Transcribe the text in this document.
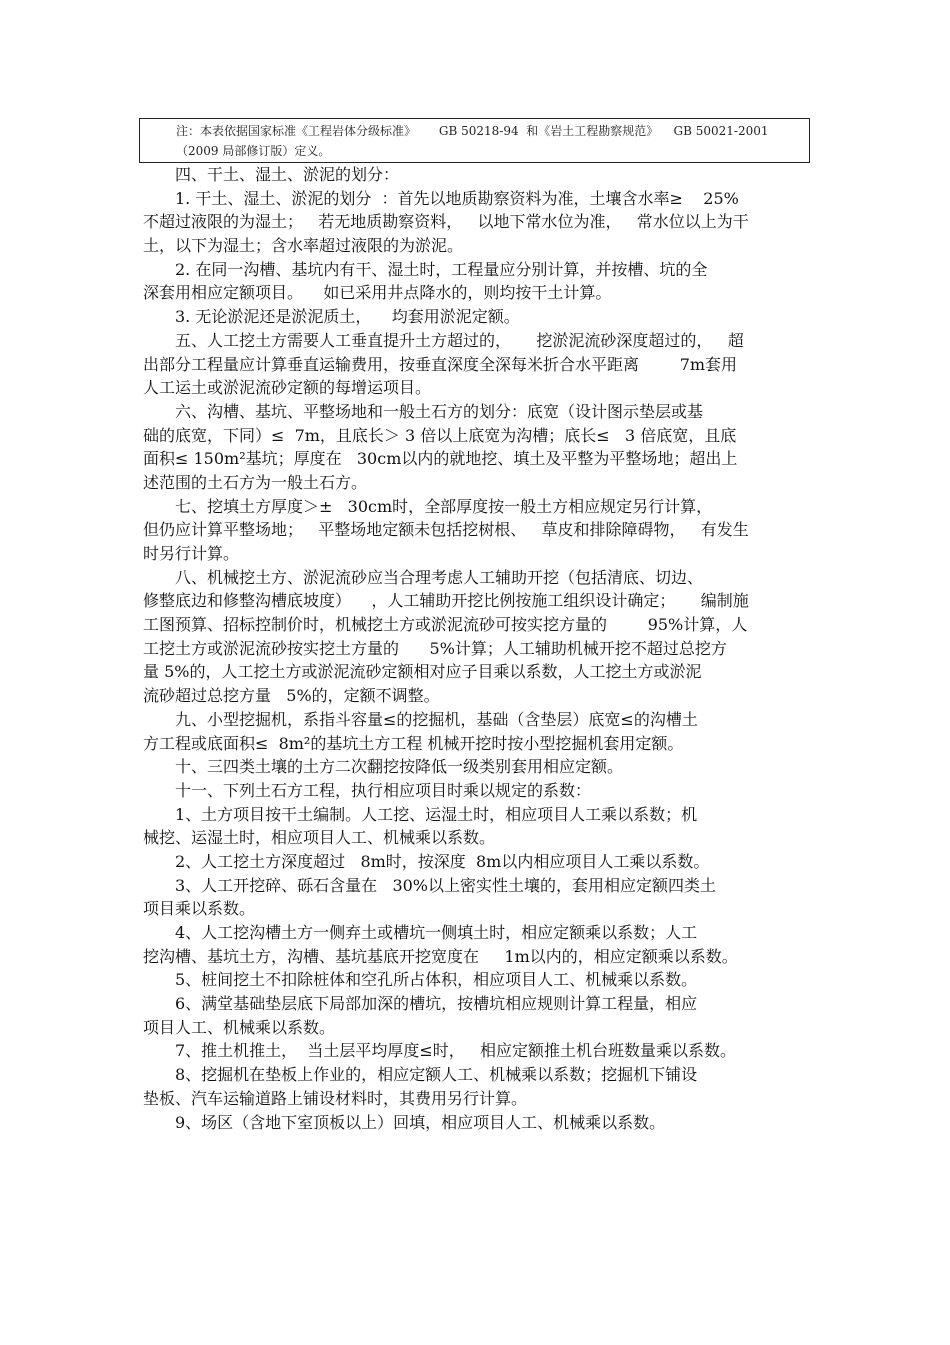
注：本表依据国家标准《工程岩体分级标准》      GB 50218-94  和《岩土工程勘察规范》    GB 50021-2001
（2009 局部修订版）定义。
四、干土、湿土、淤泥的划分：
1. 干土、湿土、淤泥的划分  ：首先以地质勘察资料为准，土壤含水率≥    25%
不超过液限的为湿土；   若无地质勘察资料，   以地下常水位为准，   常水位以上为干
土，以下为湿土；含水率超过液限的为淤泥。
2. 在同一沟槽、基坑内有干、湿土时，工程量应分别计算，并按槽、坑的全
深套用相应定额项目。    如已采用井点降水的，则均按干土计算。
3. 无论淤泥还是淤泥质土，    均套用淤泥定额。
五、人工挖土方需要人工垂直提升土方超过的，     挖淤泥流砂深度超过的，   超
出部分工程量应计算垂直运输费用，按垂直深度全深每米折合水平距离        7m套用
人工运土或淤泥流砂定额的每增运项目。
六、沟槽、基坑、平整场地和一般土石方的划分：底宽（设计图示垫层或基
础的底宽，下同）≤  7m，且底长＞ 3 倍以上底宽为沟槽；底长≤   3 倍底宽，且底
面积≤ 150m²基坑；厚度在   30cm以内的就地挖、填土及平整为平整场地；超出上
述范围的土石方为一般土石方。
七、挖填土方厚度＞±   30cm时，全部厚度按一般土方相应规定另行计算，
但仍应计算平整场地；   平整场地定额未包括挖树根、   草皮和排除障碍物，   有发生
时另行计算。
八、机械挖土方、淤泥流砂应当合理考虑人工辅助开挖（包括清底、切边、
修整底边和修整沟槽底坡度）    ，人工辅助开挖比例按施工组织设计确定；     编制施
工图预算、招标控制价时，机械挖土方或淤泥流砂可按实挖方量的        95%计算，人
工挖土方或淤泥流砂按实挖土方量的      5%计算；人工辅助机械开挖不超过总挖方
量 5%的，人工挖土方或淤泥流砂定额相对应子目乘以系数，人工挖土方或淤泥
流砂超过总挖方量   5%的，定额不调整。
九、小型挖掘机，系指斗容量≤的挖掘机，基础（含垫层）底宽≤的沟槽土
方工程或底面积≤  8m²的基坑土方工程 机械开挖时按小型挖掘机套用定额。
十、三四类土壤的土方二次翻挖按降低一级类别套用相应定额。
十一、下列土石方工程，执行相应项目时乘以规定的系数：
1、土方项目按干土编制。人工挖、运湿土时，相应项目人工乘以系数；机
械挖、运湿土时，相应项目人工、机械乘以系数。
2、人工挖土方深度超过   8m时，按深度  8m以内相应项目人工乘以系数。
3、人工开挖碎、砾石含量在   30%以上密实性土壤的，套用相应定额四类土
项目乘以系数。
4、人工挖沟槽土方一侧弃土或槽坑一侧填土时，相应定额乘以系数；人工
挖沟槽、基坑土方，沟槽、基坑基底开挖宽度在     1m以内的，相应定额乘以系数。
5、桩间挖土不扣除桩体和空孔所占体积，相应项目人工、机械乘以系数。
6、满堂基础垫层底下局部加深的槽坑，按槽坑相应规则计算工程量，相应
项目人工、机械乘以系数。
7、推土机推土，  当土层平均厚度≤时，   相应定额推土机台班数量乘以系数。
8、挖掘机在垫板上作业的，相应定额人工、机械乘以系数；挖掘机下铺设
垫板、汽车运输道路上铺设材料时，其费用另行计算。
9、场区（含地下室顶板以上）回填，相应项目人工、机械乘以系数。
